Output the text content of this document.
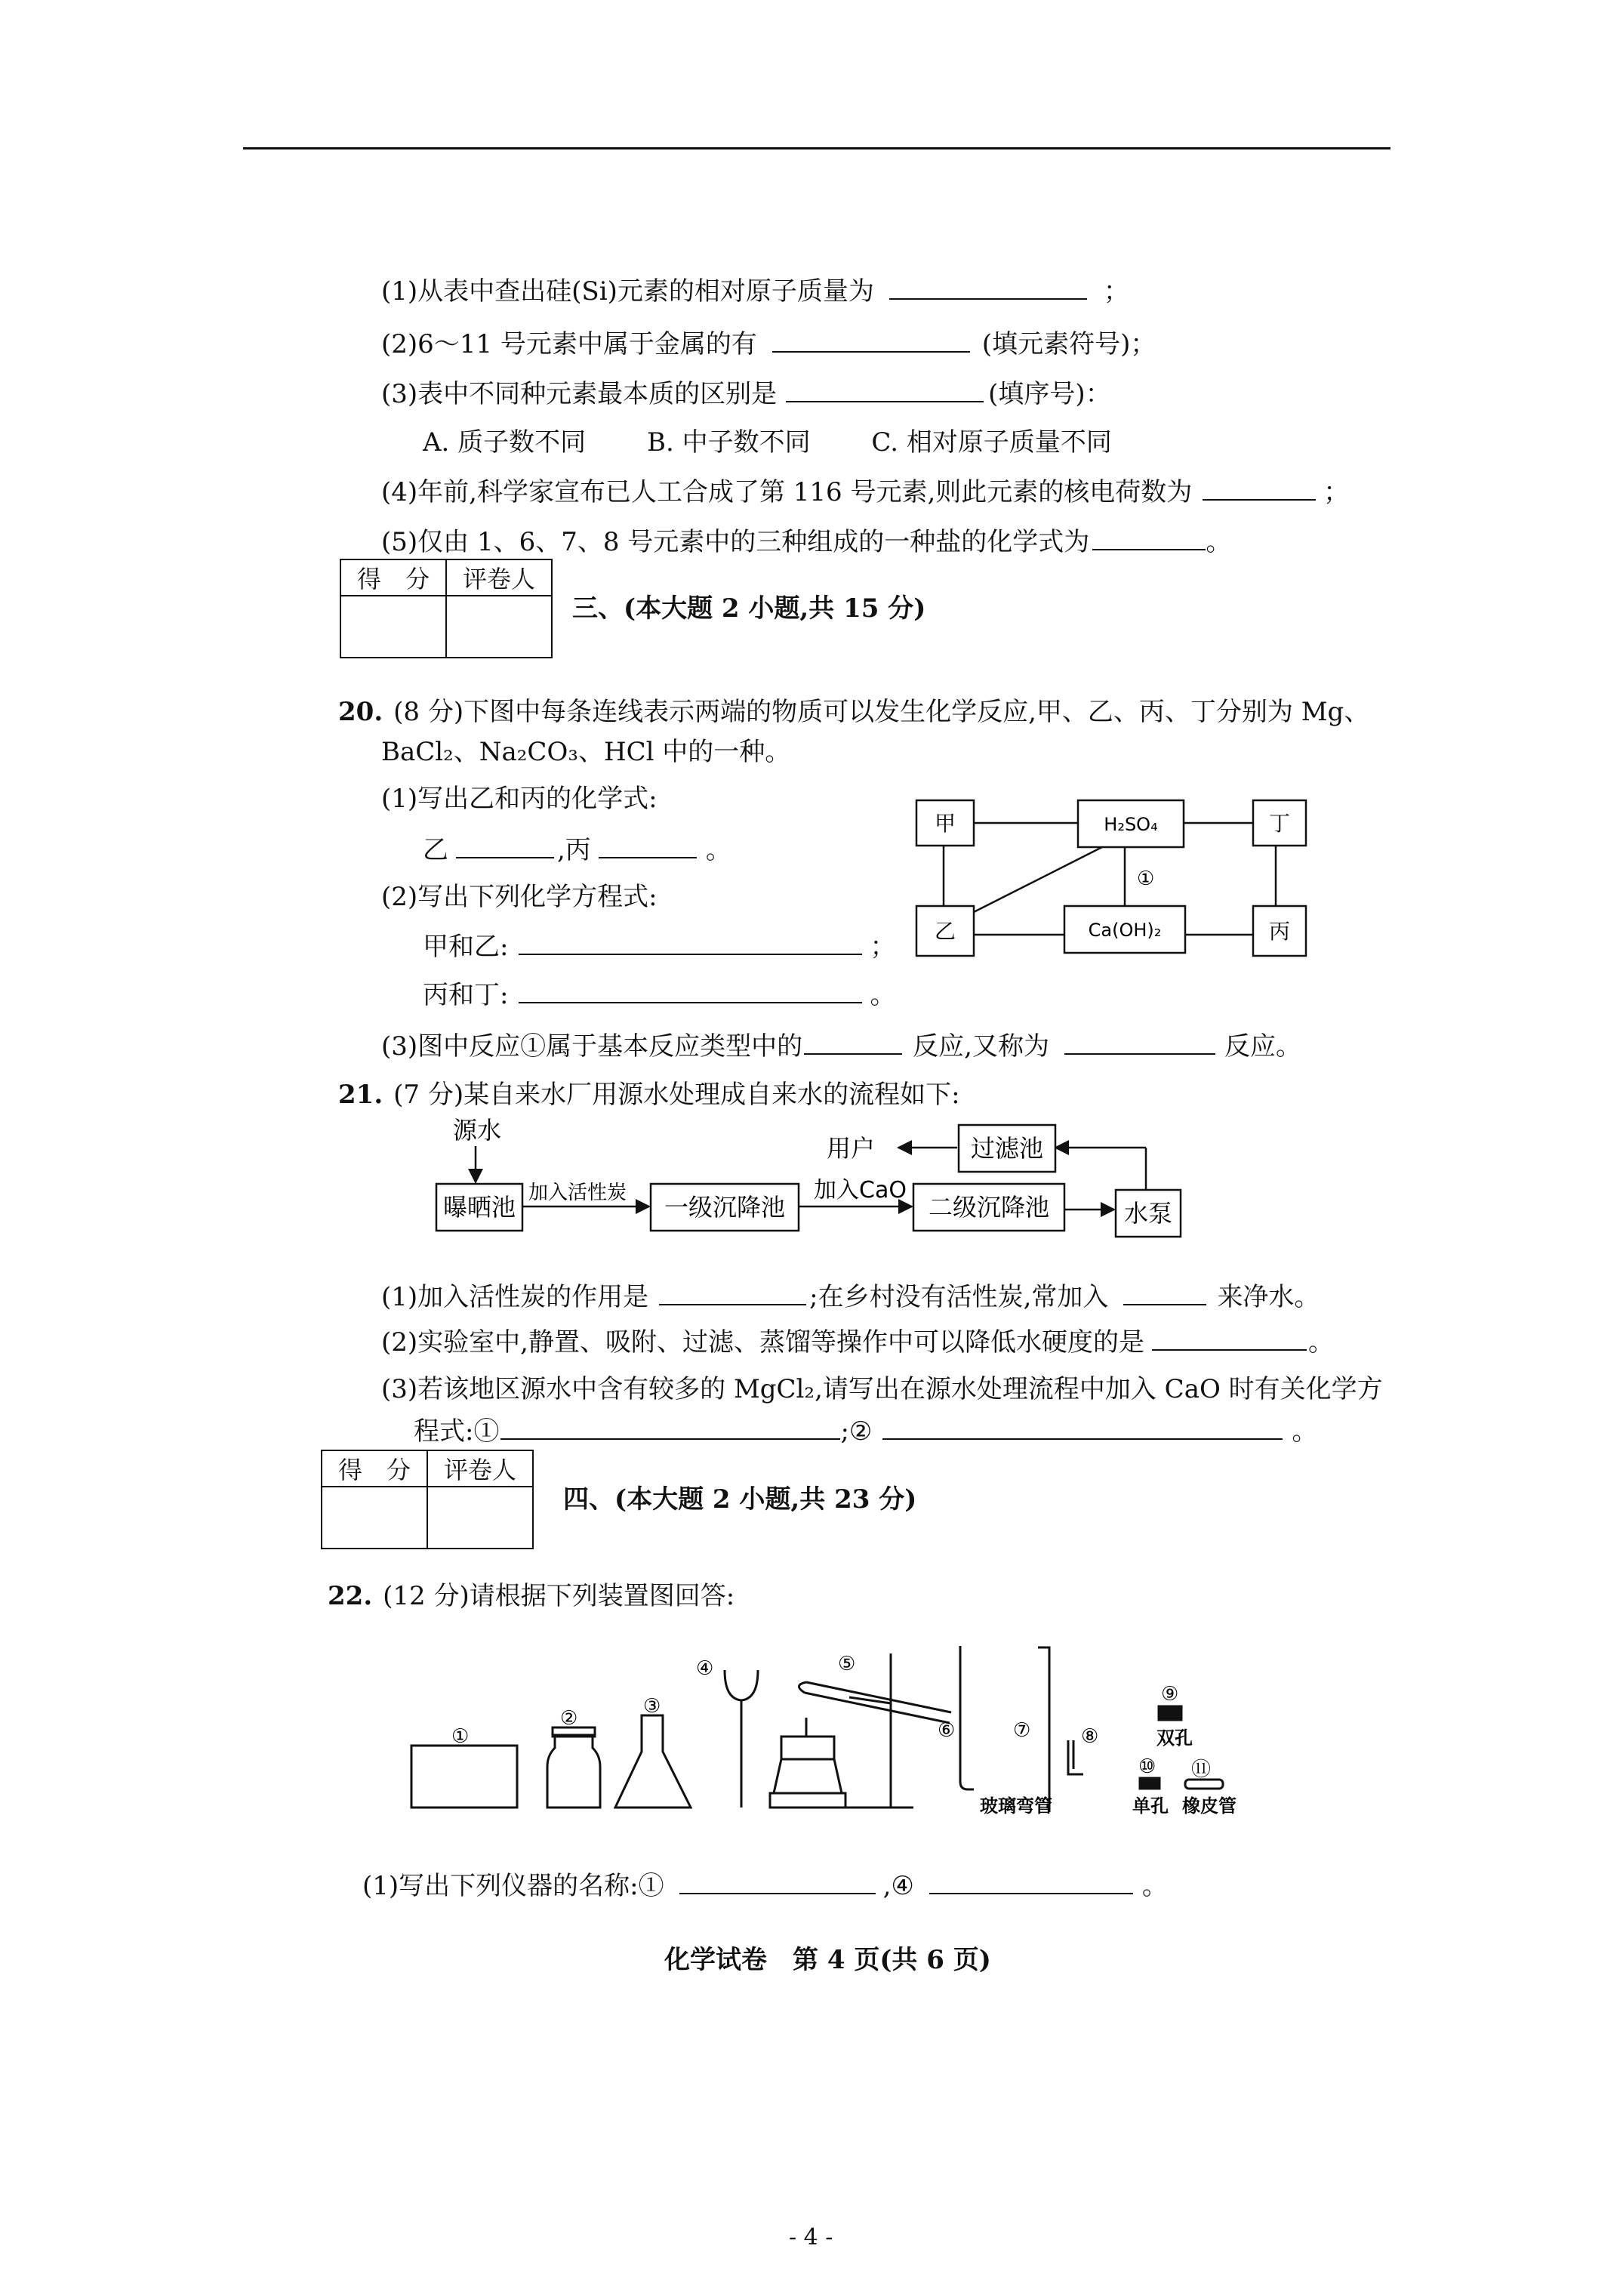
(1)从表中查出硅(Si)元素的相对原子质量为	；
(2)6～11 号元素中属于金属的有	(填元素符号)；
(3)表中不同种元素最本质的区别是	(填序号)：
A. 质子数不同 B. 中子数不同 C. 相对原子质量不同
(4)年前,科学家宣布已人工合成了第 116 号元素,则此元素的核电荷数为	；
(5)仅由 1、6、7、8 号元素中的三种组成的一种盐的化学式为	。
得　分	评卷人

三、(本大题 2 小题,共 15 分)
20. (8 分)下图中每条连线表示两端的物质可以发生化学反应,甲、乙、丙、丁分别为 Mg、
BaCl₂、Na₂CO₃、HCl 中的一种。
(1)写出乙和丙的化学式:
乙	,丙	。
(2)写出下列化学方程式:
甲和乙:	；
丙和丁:	。
(3)图中反应①属于基本反应类型中的	反应,又称为	反应。
甲	H₂SO₄	丁
乙	Ca(OH)₂	丙
①
21. (7 分)某自来水厂用源水处理成自来水的流程如下:
源水
曝晒池 加入活性炭 一级沉降池
加入CaO
二级沉降池	水泵
过滤池
用户
(1)加入活性炭的作用是	;在乡村没有活性炭,常加入	来净水。
(2)实验室中,静置、吸附、过滤、蒸馏等操作中可以降低水硬度的是	。
(3)若该地区源水中含有较多的 MgCl₂,请写出在源水处理流程中加入 CaO 时有关化学方
程式:①	;②	。
得　分	评卷人

四、(本大题 2 小题,共 23 分)
22. (12 分)请根据下列装置图回答:
①
②
③
④	⑤
⑥	⑦	⑧
⑨
⑩ ⑪
玻璃弯管
双孔
单孔 橡皮管
(1)写出下列仪器的名称:①	,④	。
化学试卷　第 4 页(共 6 页)
- 4 -
